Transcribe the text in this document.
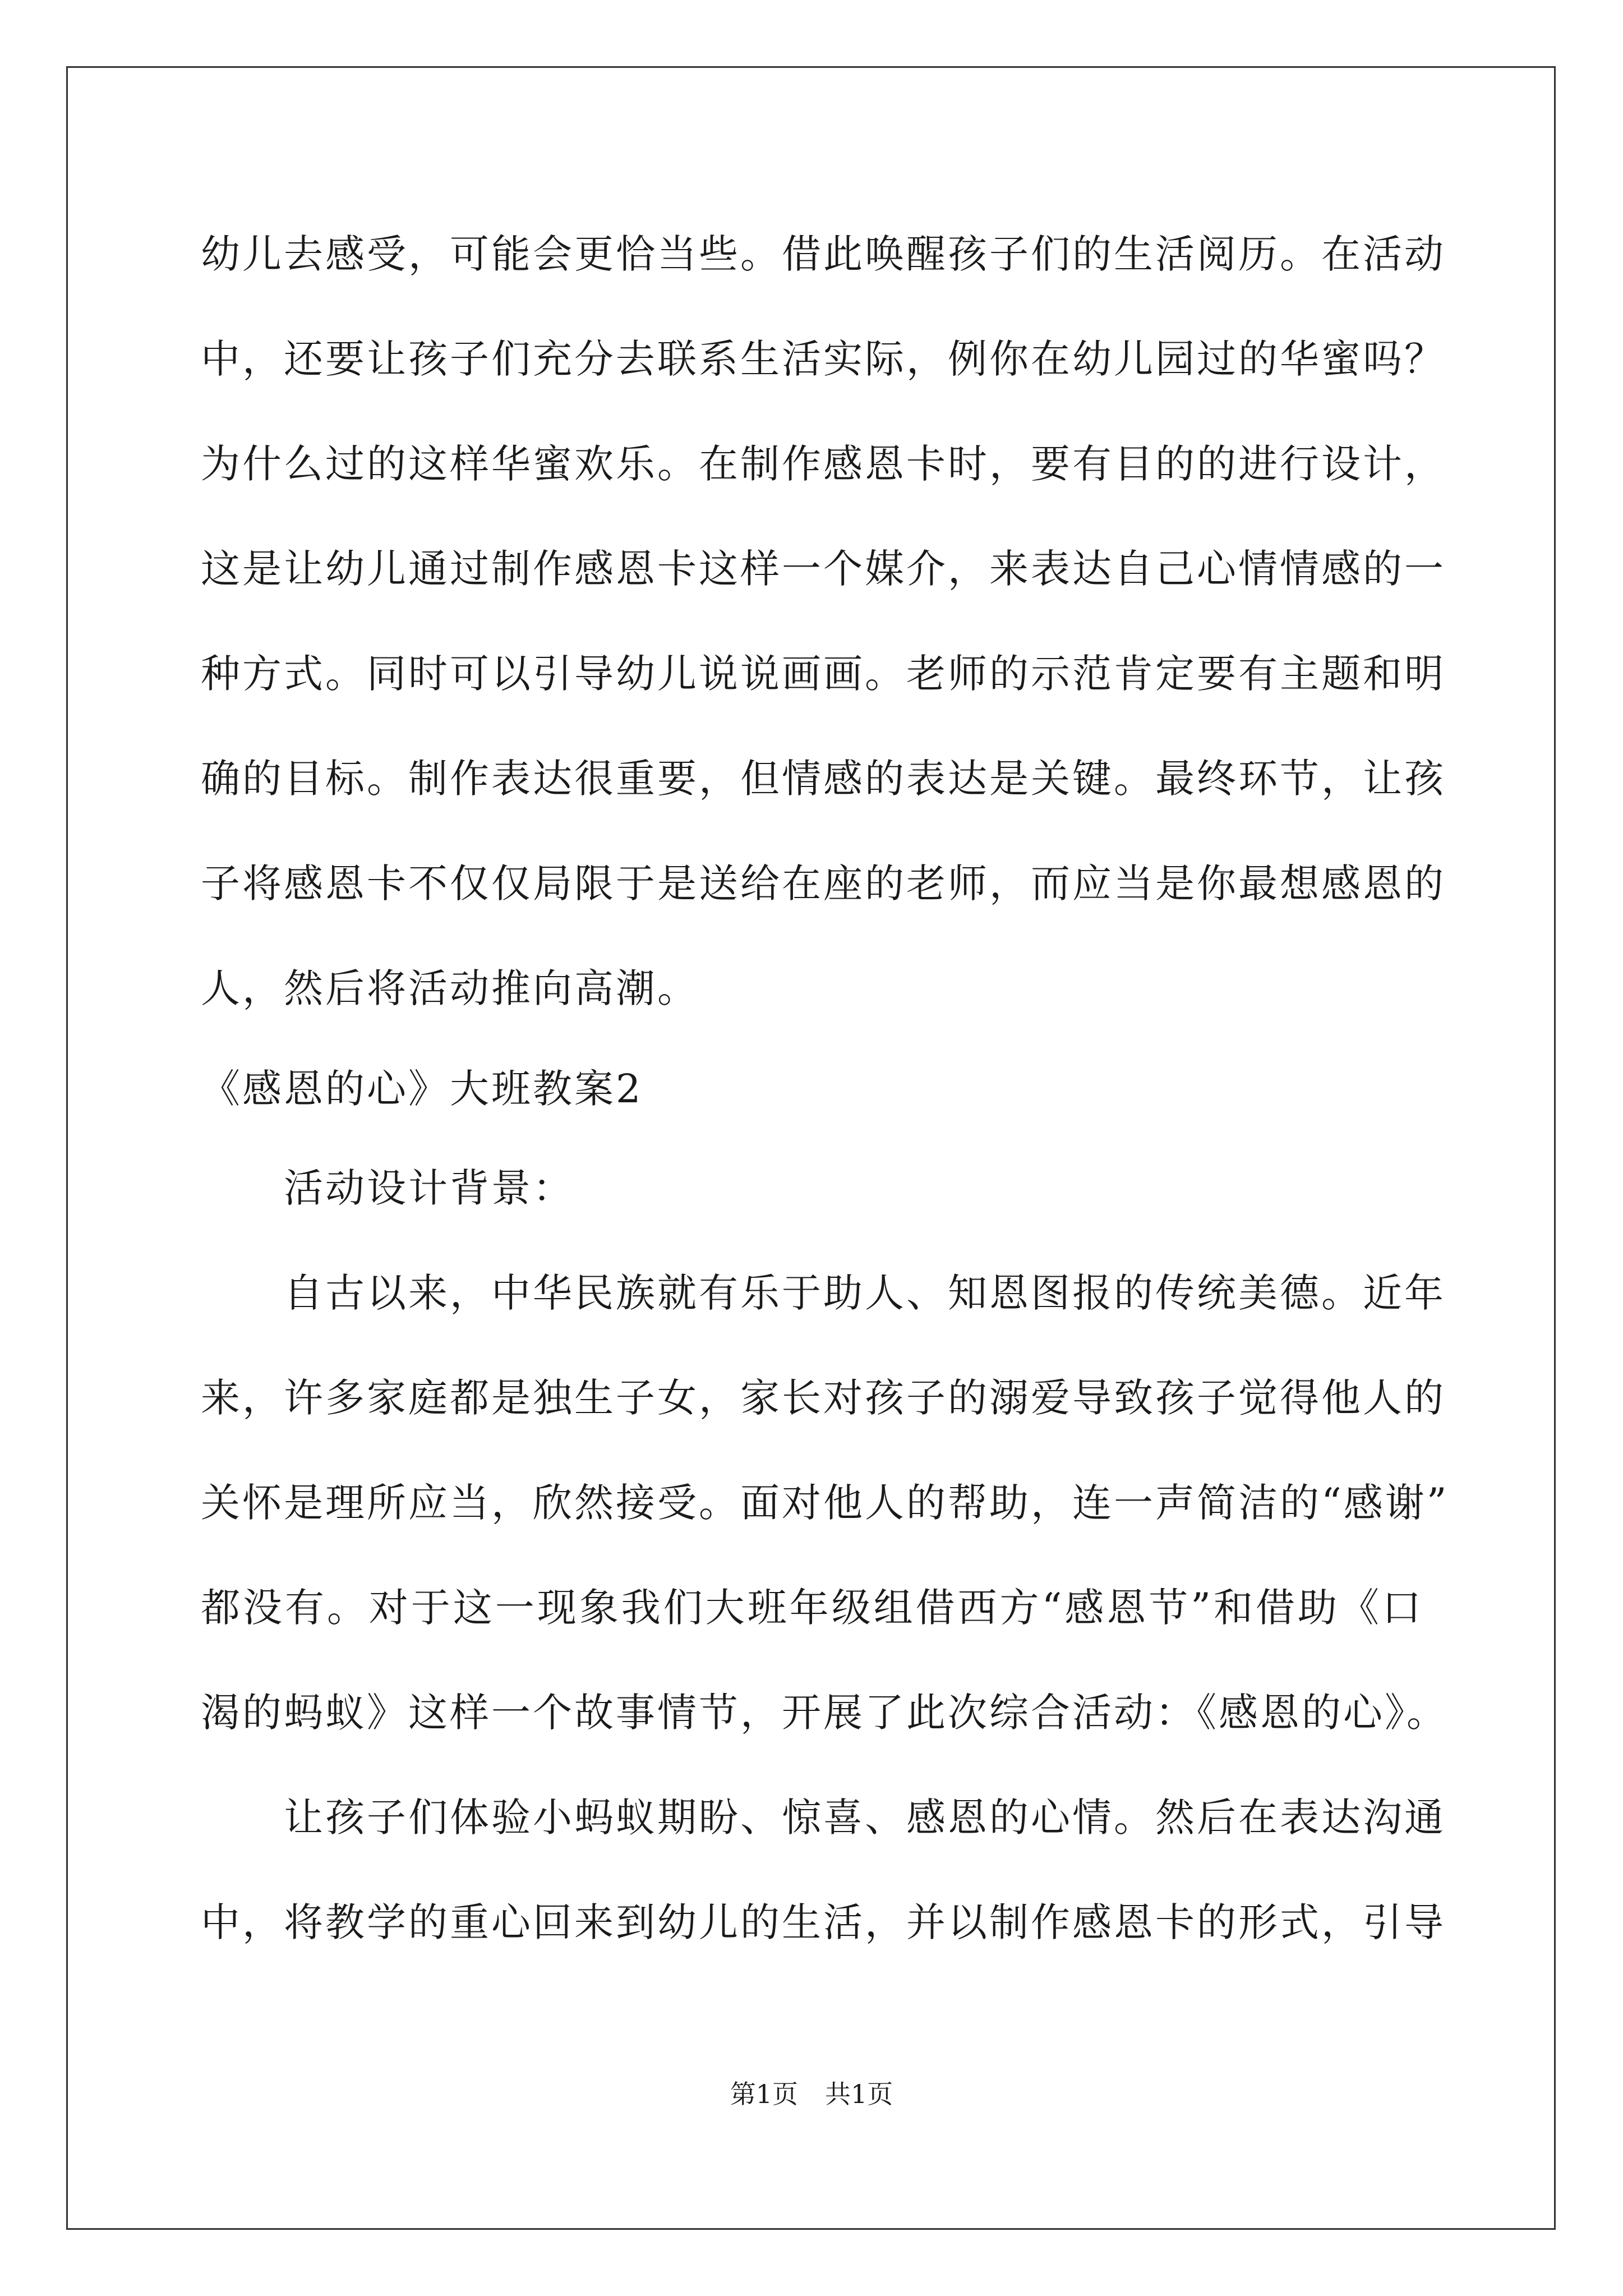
幼儿去感受，可能会更恰当些。借此唤醒孩子们的生活阅历。在活动
中，还要让孩子们充分去联系生活实际，例你在幼儿园过的华蜜吗？
为什么过的这样华蜜欢乐。在制作感恩卡时，要有目的的进行设计，
这是让幼儿通过制作感恩卡这样一个媒介，来表达自己心情情感的一
种方式。同时可以引导幼儿说说画画。老师的示范肯定要有主题和明
确的目标。制作表达很重要，但情感的表达是关键。最终环节，让孩
子将感恩卡不仅仅局限于是送给在座的老师，而应当是你最想感恩的
人，然后将活动推向高潮。
《感恩的心》大班教案2
活动设计背景：
自古以来，中华民族就有乐于助人、知恩图报的传统美德。近年
来，许多家庭都是独生子女，家长对孩子的溺爱导致孩子觉得他人的
关怀是理所应当，欣然接受。面对他人的帮助，连一声简洁的“感谢”
都没有。对于这一现象我们大班年级组借西方“感恩节”和借助《口
渴的蚂蚁》这样一个故事情节，开展了此次综合活动：《感恩的心》。
让孩子们体验小蚂蚁期盼、惊喜、感恩的心情。然后在表达沟通
中，将教学的重心回来到幼儿的生活，并以制作感恩卡的形式，引导
第1页 共1页
